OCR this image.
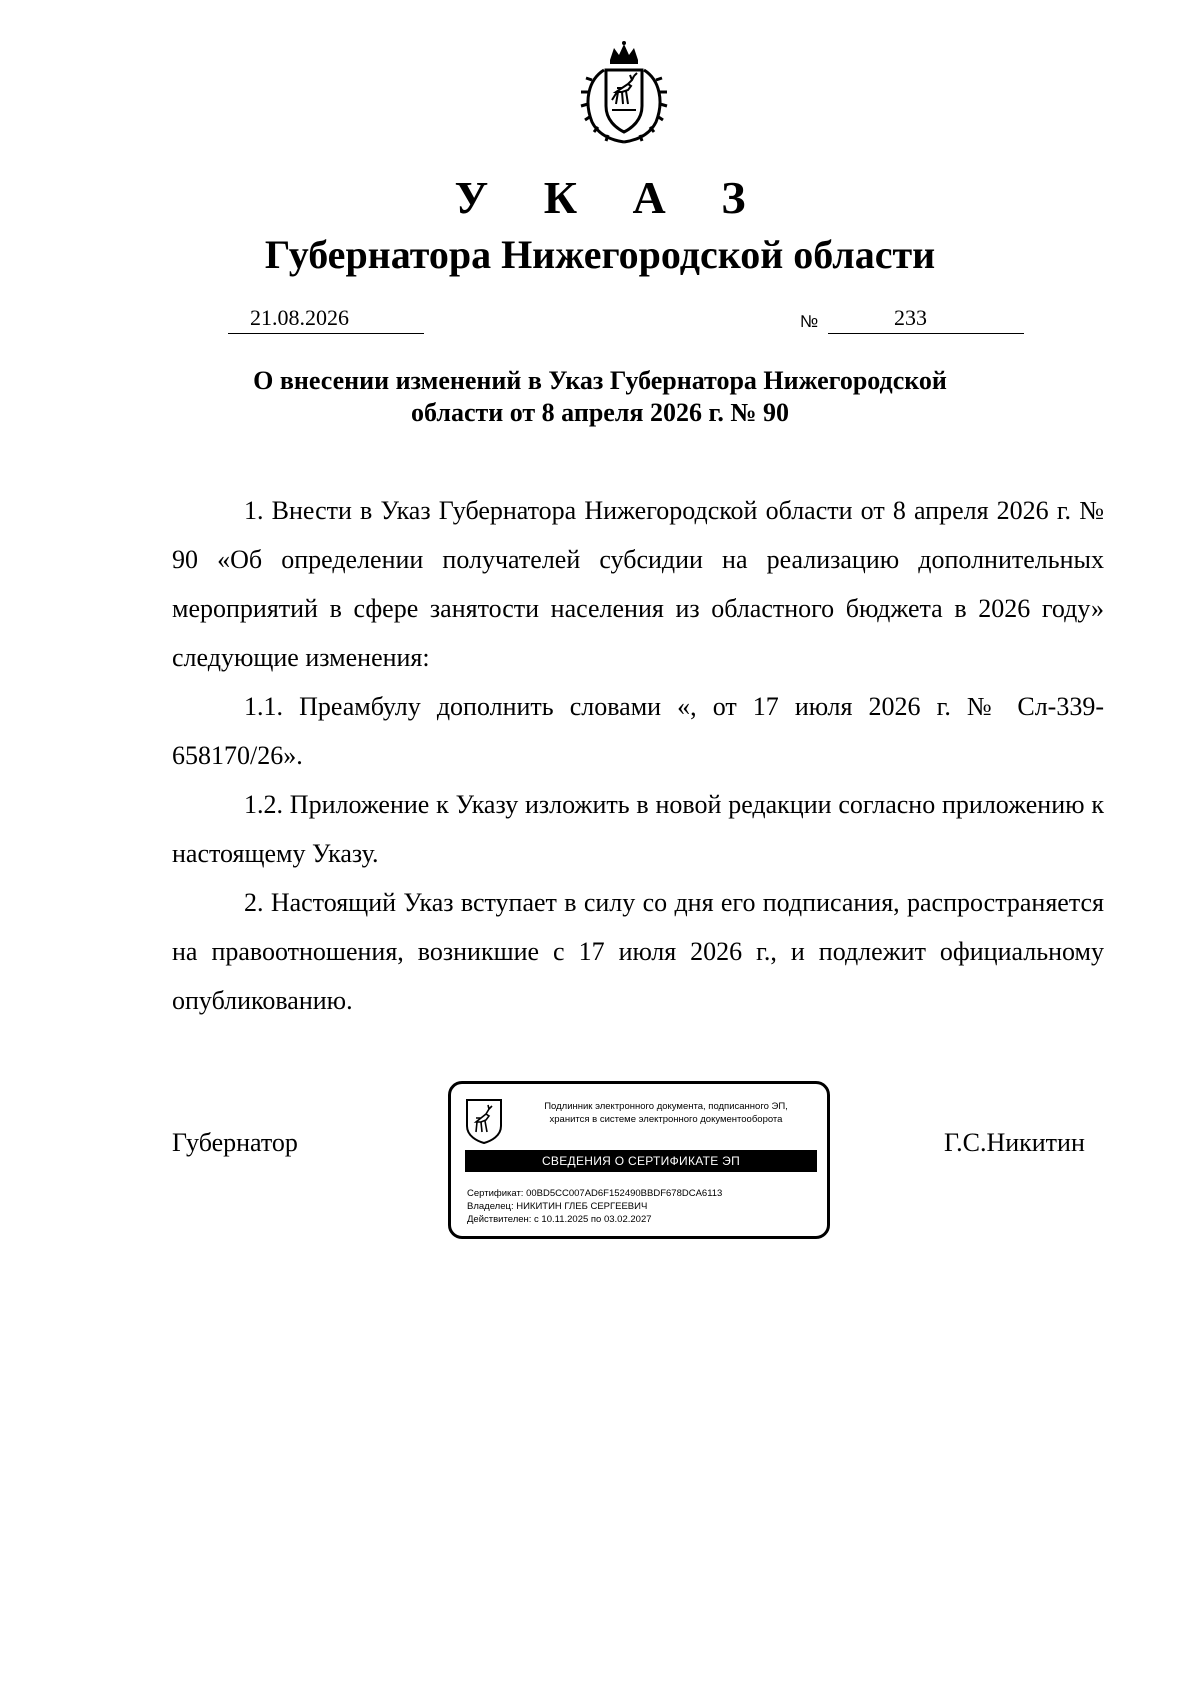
У К А З
Губернатора Нижегородской области
21.08.2026	№	233
О внесении изменений в Указ Губернатора Нижегородской
области от 8 апреля 2026 г. № 90

1. Внести в Указ Губернатора Нижегородской области от 8 апреля 2026 г. № 90 «Об определении получателей субсидии на реализацию дополнительных мероприятий в сфере занятости населения из областного бюджета в 2026 году» следующие изменения:

1.1. Преамбулу дополнить словами «, от 17 июля 2026 г. № Сл-339-658170/26».

1.2. Приложение к Указу изложить в новой редакции согласно приложению к настоящему Указу.

2. Настоящий Указ вступает в силу со дня его подписания, распространяется на правоотношения, возникшие с 17 июля 2026 г., и подлежит официальному опубликованию.

Губернатор	Г.С.Никитин
Подлинник электронного документа, подписанного ЭП,
хранится в системе электронного документооборота
СВЕДЕНИЯ О СЕРТИФИКАТЕ ЭП
Сертификат: 00BD5CC007AD6F152490BBDF678DCA6113
Владелец: НИКИТИН ГЛЕБ СЕРГЕЕВИЧ
Действителен: с 10.11.2025 по 03.02.2027
